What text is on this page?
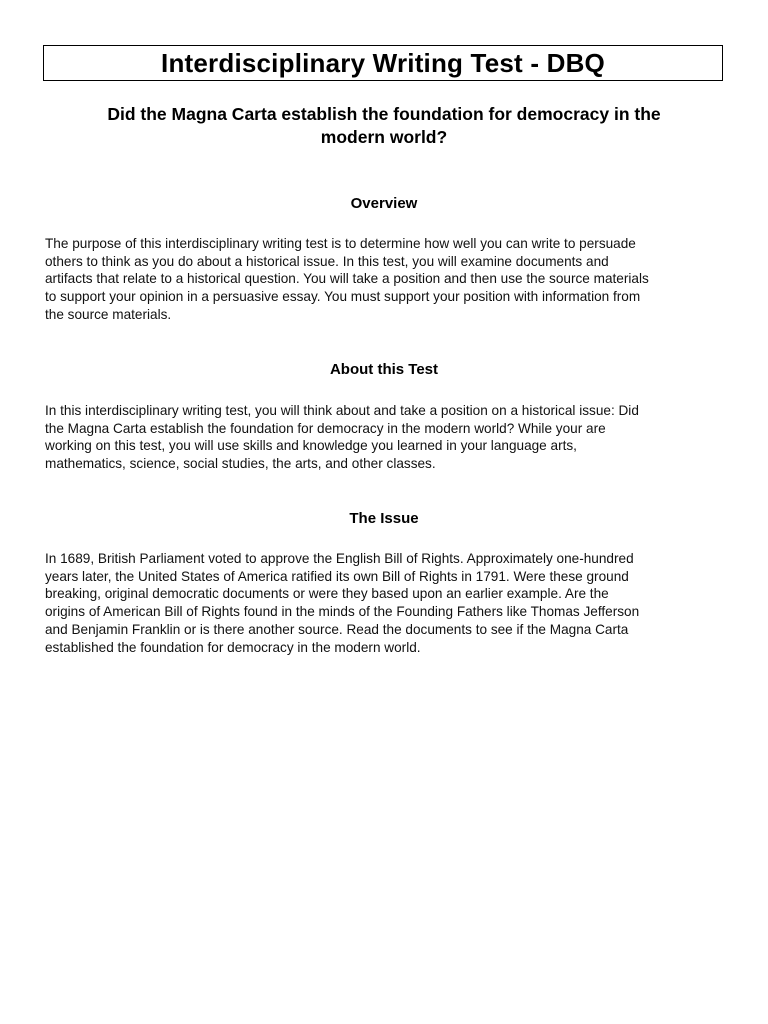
Interdisciplinary Writing Test - DBQ
Did the Magna Carta establish the foundation for democracy in the
modern world?
Overview
The purpose of this interdisciplinary writing test is to determine how well you can write to persuade
others to think as you do about a historical issue. In this test, you will examine documents and
artifacts that relate to a historical question. You will take a position and then use the source materials
to support your opinion in a persuasive essay. You must support your position with information from
the source materials.
About this Test
In this interdisciplinary writing test, you will think about and take a position on a historical issue: Did
the Magna Carta establish the foundation for democracy in the modern world? While your are
working on this test, you will use skills and knowledge you learned in your language arts,
mathematics, science, social studies, the arts, and other classes.
The Issue
In 1689, British Parliament voted to approve the English Bill of Rights. Approximately one-hundred
years later, the United States of America ratified its own Bill of Rights in 1791. Were these ground
breaking, original democratic documents or were they based upon an earlier example. Are the
origins of American Bill of Rights found in the minds of the Founding Fathers like Thomas Jefferson
and Benjamin Franklin or is there another source. Read the documents to see if the Magna Carta
established the foundation for democracy in the modern world.
